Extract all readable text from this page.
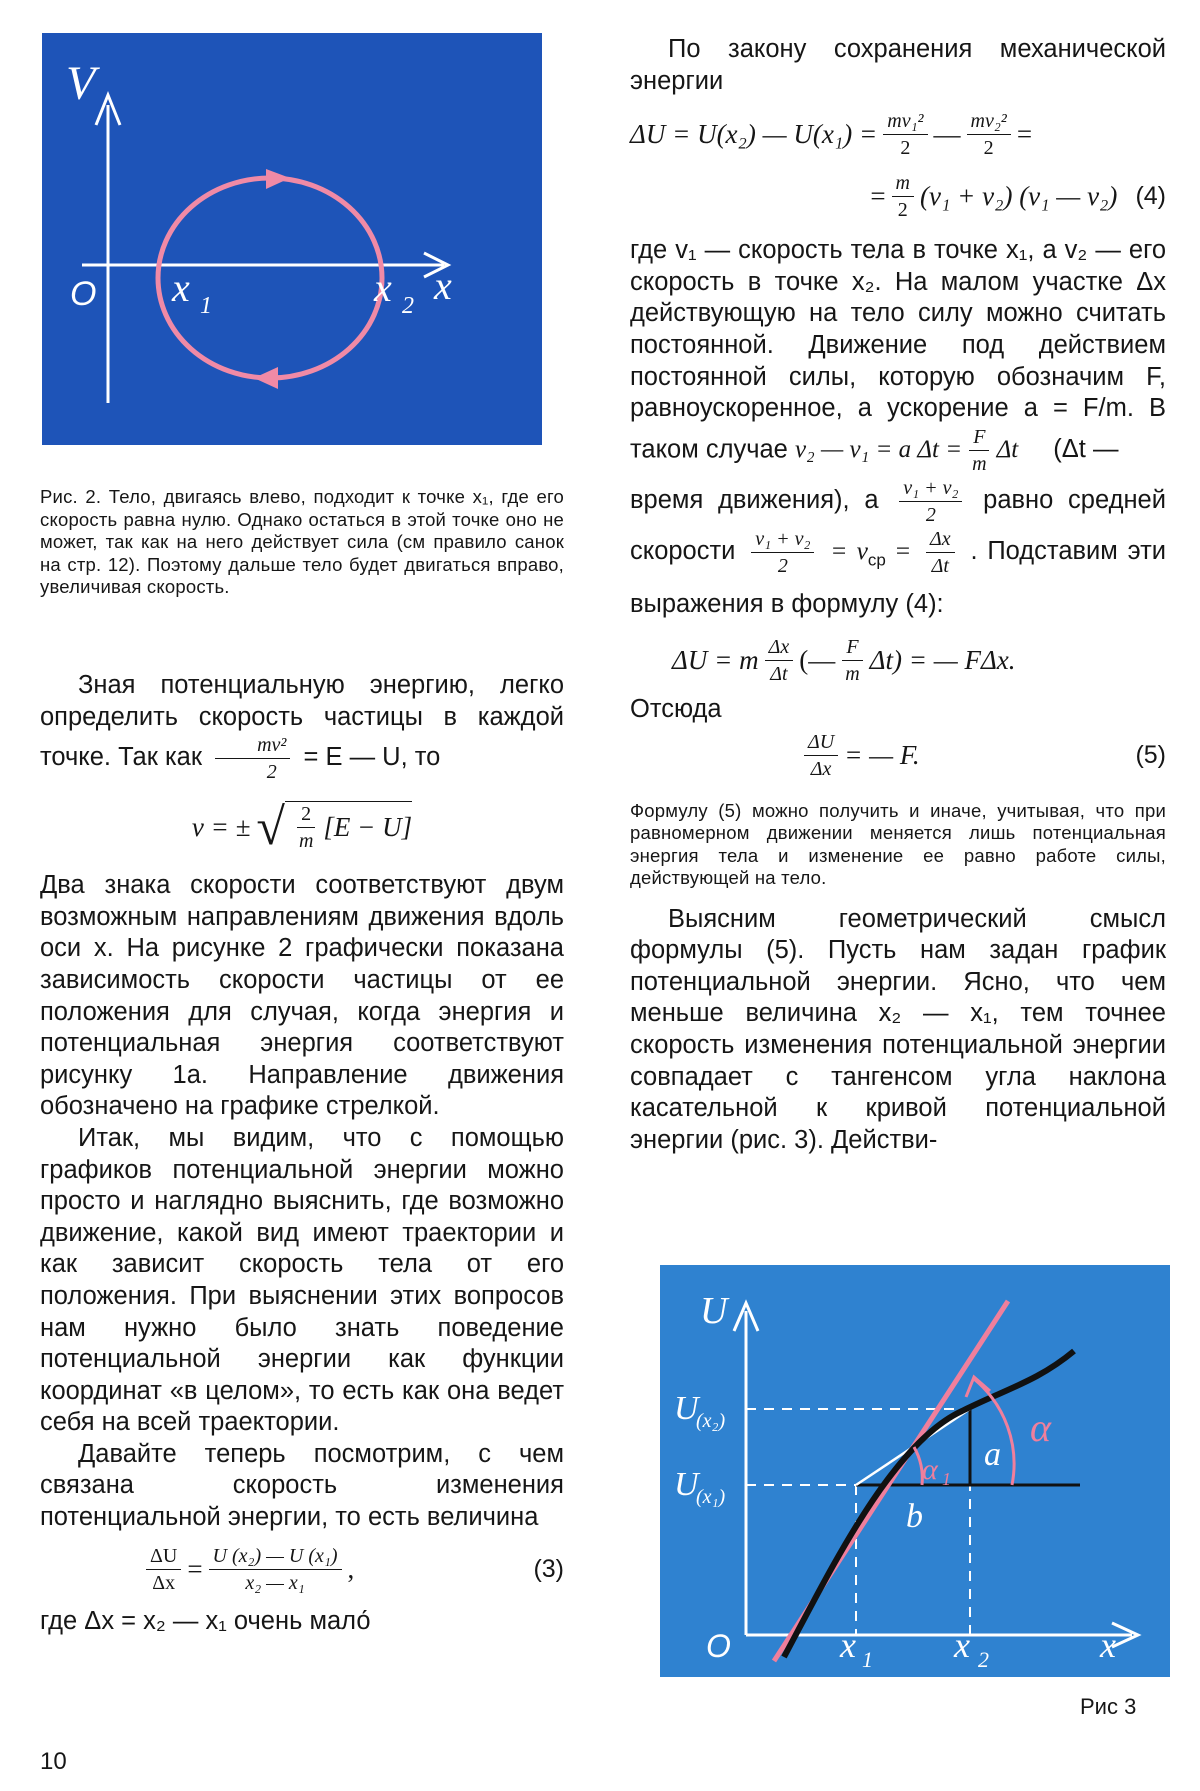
V
O x 1	x 2 x

Рис. 2. Тело, двигаясь влево, подходит к точке x₁, где его скорость равна нулю. Однако остаться в этой точке оно не может, так как на него действует сила (см правило санок на стр. 12). Поэтому дальше тело будет двигаться вправо, увеличивая скорость.

Зная потенциальную энергию, легко определить скорость частицы в каждой точке. Так как $\frac{\text{mv²}}{2} = E$ — U, то

v = ± √ $\frac{2}{m} [E - U]$

Два знака скорости соответствуют двум возможным направлениям движения вдоль оси x. На рисунке 2 графически показана зависимость скорости частицы от ее положения для случая, когда энергия и потенциальная энергия соответствуют рисунку 1а. Направление движения обозначено на графике стрелкой.

Итак, мы видим, что с помощью графиков потенциальной энергии можно просто и наглядно выяснить, где возможно движение, какой вид имеют траектории и как зависит скорость тела от его положения. При выяснении этих вопросов нам нужно было знать поведение потенциальной энергии как функции координат «в целом», то есть как она ведет себя на всей траектории.

Давайте теперь посмотрим, с чем связана скорость изменения потенциальной энергии, то есть величина

$\frac{\Delta U}{\Delta x} = \frac{\text{U (x₂) — U (x₁)}}{\text{x₂ — x₁}}$ ,	(3)

где Δx = x₂ — x₁ очень мало́

По закону сохранения механической энергии

ΔU = U(x₂) — $U(x_1) = \frac{\text{mv₁²}}{2}$ — $\frac{\text{mv₂²}}{2}$ =
= $\frac{m}{2} (v_1 + v_2)$ (v₁ — v₂) (4)

где v₁ — скорость тела в точке x₁, а v₂ — его скорость в точке x₂. На малом участке Δx действующую на тело силу можно считать постоянной. Движение под действием постоянной силы, которую обозначим F, равноускоренное, а ускорение a = F/m. В таком случае v₂ — v₁ = a $\Delta t = \frac{F}{m}$ Δt (Δt —

время движения), а $\frac{\text{v₁ + v₂}}{2}$ равно средней скорости $\frac{\text{v₁ + v₂}}{2} = v_{ср} = \frac{\Delta x}{\Delta t}$ . Подставим эти выражения в формулу (4):

ΔU = m $\frac{\Delta x}{\Delta t}$ (— $\frac{F}{m} \Delta t$) = — FΔx.

Отсюда

$\frac{\Delta U}{\Delta x}$ = — F.	(5)

Формулу (5) можно получить и иначе, учитывая, что при равномерном движении меняется лишь потенциальная энергия тела и изменение ее равно работе силы, действующей на тело.

Выясним геометрический смысл формулы (5). Пусть нам задан график потенциальной энергии. Ясно, что чем меньше величина x₂ — x₁, тем точнее скорость изменения потенциальной энергии совпадает с тангенсом угла наклона касательной к кривой потенциальной энергии (рис. 3). Действи-

U
U
(x₂)
U
(x₁)
O	x 1 x 2	x
a
b
α
α 1
Рис 3
10
